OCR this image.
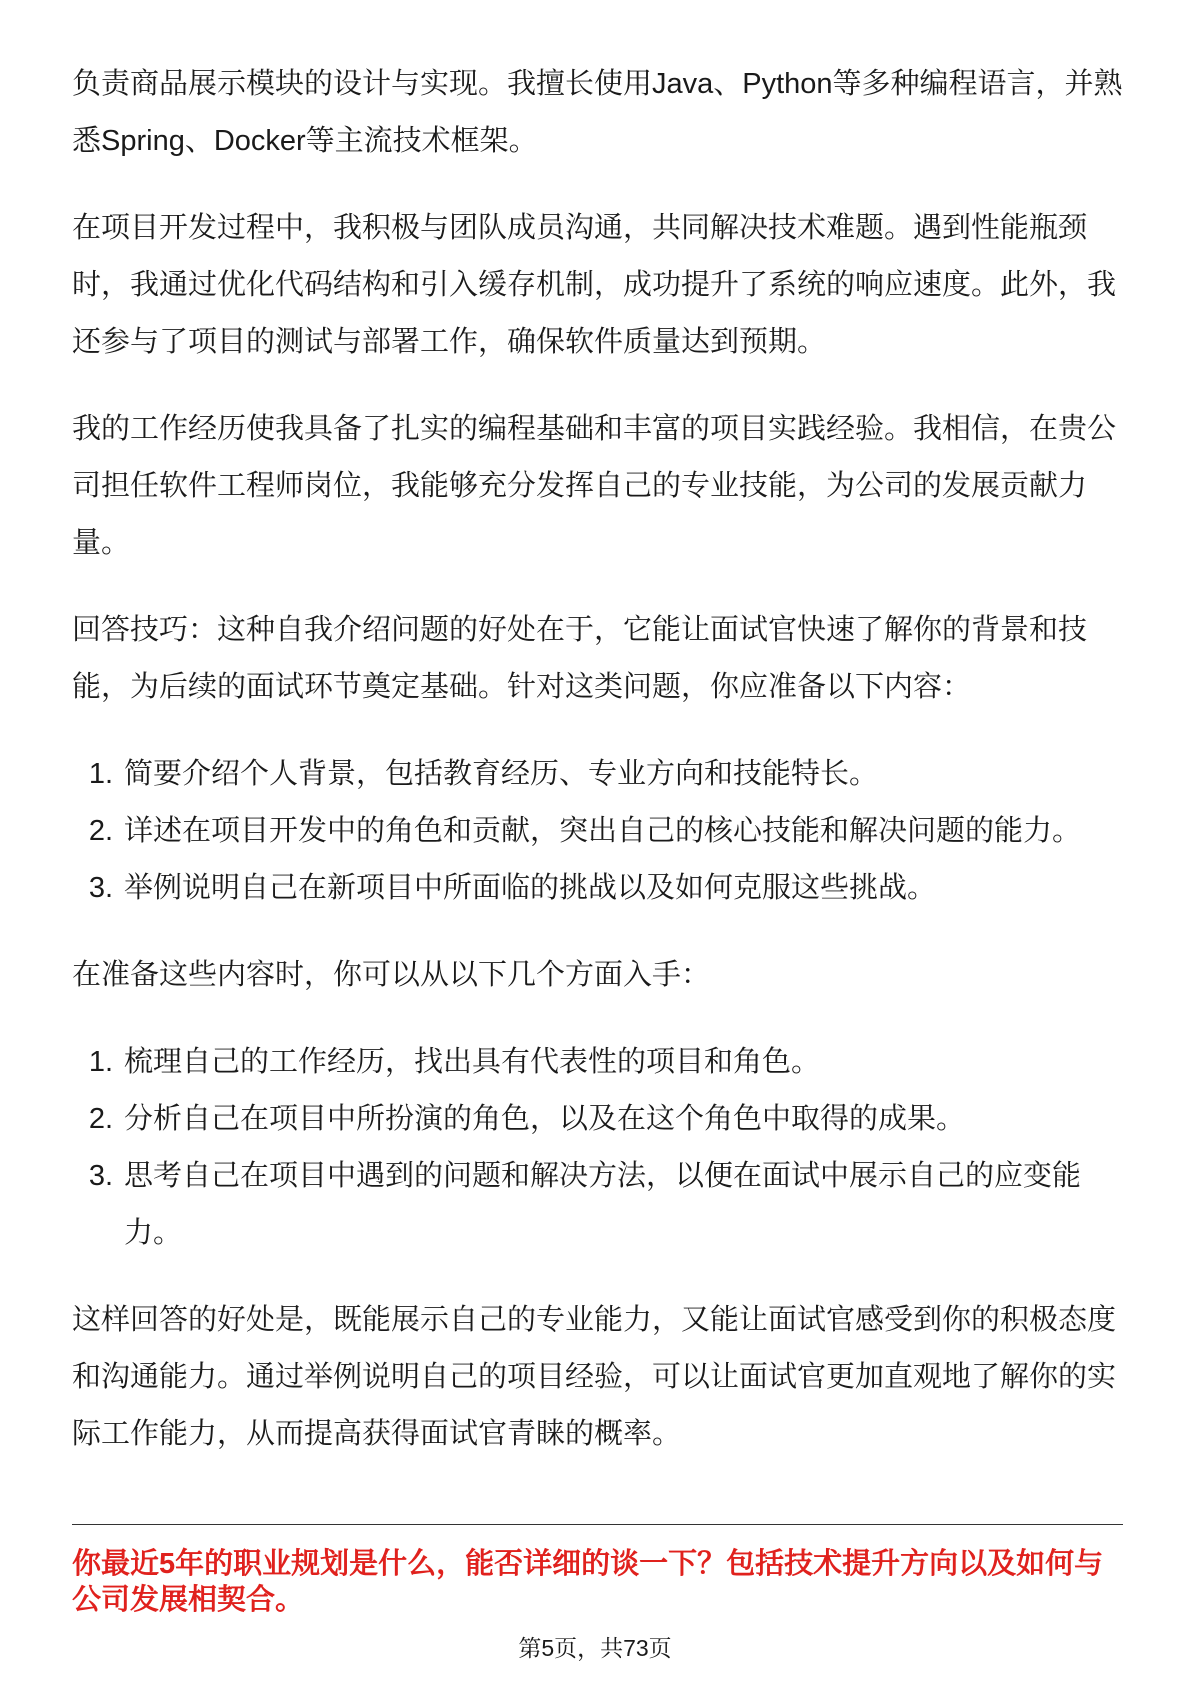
负责商品展示模块的设计与实现。我擅长使用Java、Python等多种编程语言，并熟
悉Spring、Docker等主流技术框架。
在项目开发过程中，我积极与团队成员沟通，共同解决技术难题。遇到性能瓶颈
时，我通过优化代码结构和引入缓存机制，成功提升了系统的响应速度。此外，我
还参与了项目的测试与部署工作，确保软件质量达到预期。
我的工作经历使我具备了扎实的编程基础和丰富的项目实践经验。我相信，在贵公
司担任软件工程师岗位，我能够充分发挥自己的专业技能，为公司的发展贡献力
量。
回答技巧：这种自我介绍问题的好处在于，它能让面试官快速了解你的背景和技
能，为后续的面试环节奠定基础。针对这类问题，你应准备以下内容：
1. 简要介绍个人背景，包括教育经历、专业方向和技能特长。
2. 详述在项目开发中的角色和贡献，突出自己的核心技能和解决问题的能力。
3. 举例说明自己在新项目中所面临的挑战以及如何克服这些挑战。
在准备这些内容时，你可以从以下几个方面入手：
1. 梳理自己的工作经历，找出具有代表性的项目和角色。
2. 分析自己在项目中所扮演的角色，以及在这个角色中取得的成果。
3. 思考自己在项目中遇到的问题和解决方法，以便在面试中展示自己的应变能
力。
这样回答的好处是，既能展示自己的专业能力，又能让面试官感受到你的积极态度
和沟通能力。通过举例说明自己的项目经验，可以让面试官更加直观地了解你的实
际工作能力，从而提高获得面试官青睐的概率。
你最近5年的职业规划是什么，能否详细的谈一下？包括技术提升方向以及如何与
公司发展相契合。
第5页，共73页
